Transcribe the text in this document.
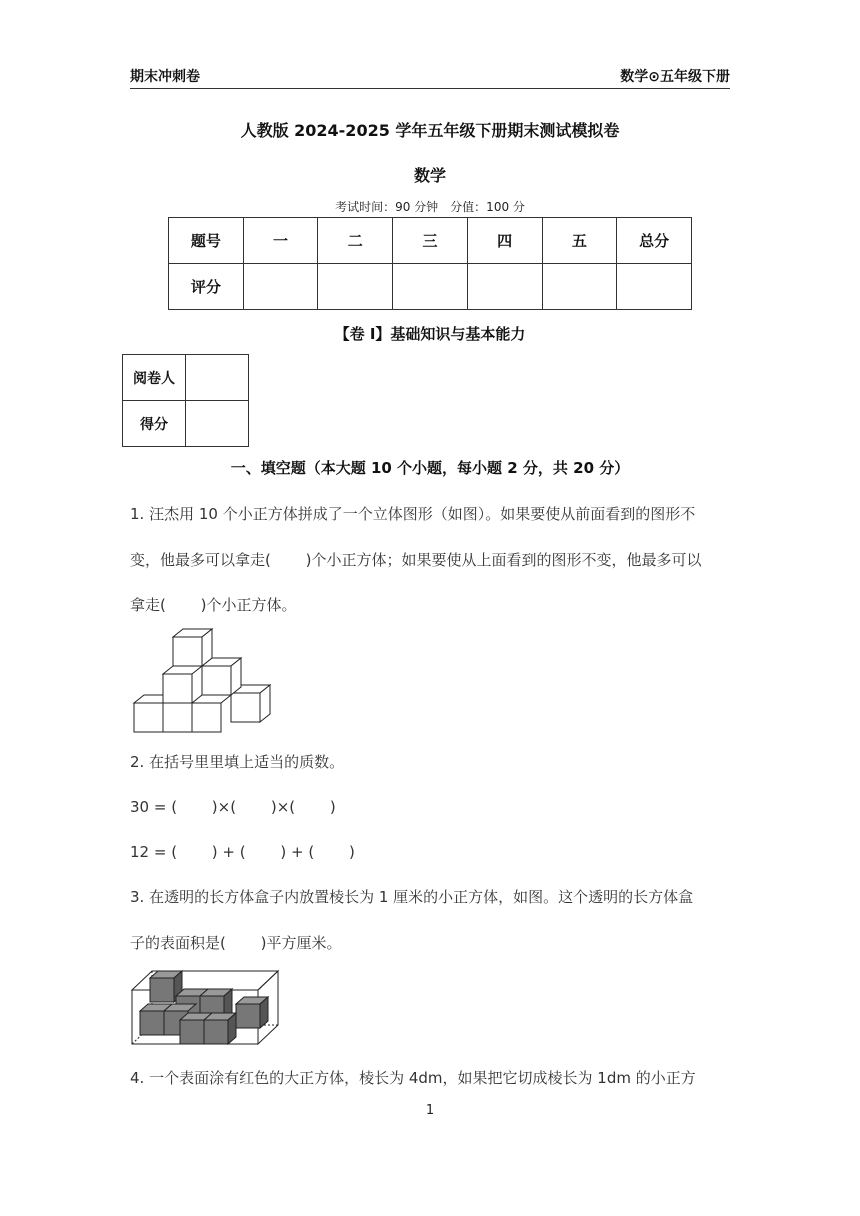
期末冲刺卷	数学⊙五年级下册
人教版 2024-2025 学年五年级下册期末测试模拟卷
数学
考试时间：90 分钟　分值：100 分
题号	一	二	三	四	五	总分
评分						
【卷 I】基础知识与基本能力
阅卷人	
得分	
一、填空题（本大题 10 个小题，每小题 2 分，共 20 分）
1. 汪杰用 10 个小正方体拼成了一个立体图形（如图）。如果要使从前面看到的图形不
变，他最多可以拿走(　　 )个小正方体；如果要使从上面看到的图形不变，他最多可以
拿走(　　 )个小正方体。
2. 在括号里里填上适当的质数。
30 = (　　 )×(　　 )×(　　 )
12 = (　　 ) + (　　 ) + (　　 )
3. 在透明的长方体盒子内放置棱长为 1 厘米的小正方体，如图。这个透明的长方体盒
子的表面积是(　　 )平方厘米。
4. 一个表面涂有红色的大正方体，棱长为 4dm，如果把它切成棱长为 1dm 的小正方
1
